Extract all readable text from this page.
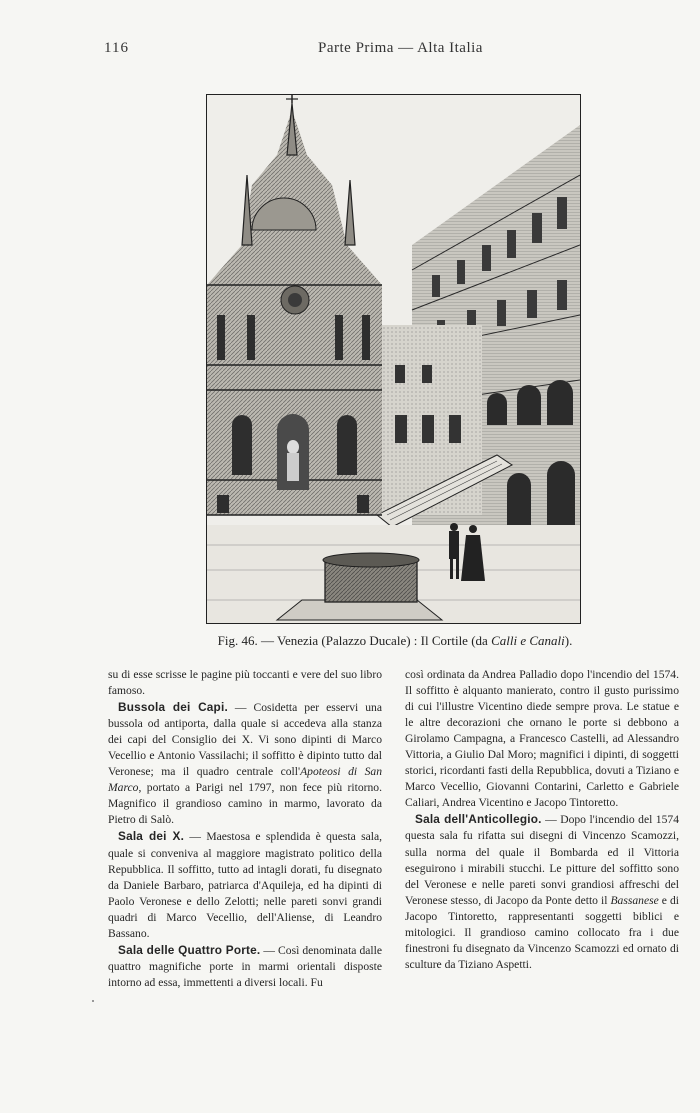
116	Parte Prima — Alta Italia
Fig. 46. — Venezia (Palazzo Ducale) : Il Cortile (da Calli e Canali).

su di esse scrisse le pagine più toccanti e vere del suo libro famoso.

Bussola dei Capi. — Cosidetta per esservi una bussola od antiporta, dalla quale si accedeva alla stanza dei capi del Consiglio dei X. Vi sono dipinti di Marco Vecellio e Antonio Vassilachi; il soffitto è dipinto tutto dal Veronese; ma il quadro centrale coll'Apoteosi di San Marco, portato a Parigi nel 1797, non fece più ritorno. Magnifico il grandioso camino in marmo, lavorato da Pietro di Salò.

Sala dei X. — Maestosa e splendida è questa sala, quale si conveniva al maggiore magistrato politico della Repubblica. Il soffitto, tutto ad intagli dorati, fu disegnato da Daniele Barbaro, patriarca d'Aquileja, ed ha dipinti di Paolo Veronese e dello Zelotti; nelle pareti sonvi grandi quadri di Marco Vecellio, dell'Aliense, di Leandro Bassano.

Sala delle Quattro Porte. — Così denominata dalle quattro magnifiche porte in marmi orientali disposte intorno ad essa, immettenti a diversi locali. Fu

così ordinata da Andrea Palladio dopo l'incendio del 1574. Il soffitto è alquanto manierato, contro il gusto purissimo di cui l'illustre Vicentino diede sempre prova. Le statue e le altre decorazioni che ornano le porte si debbono a Girolamo Campagna, a Francesco Castelli, ad Alessandro Vittoria, a Giulio Dal Moro; magnifici i dipinti, di soggetti storici, ricordanti fasti della Repubblica, dovuti a Tiziano e Marco Vecellio, Giovanni Contarini, Carletto e Gabriele Caliari, Andrea Vicentino e Jacopo Tintoretto.

Sala dell'Anticollegio. — Dopo l'incendio del 1574 questa sala fu rifatta sui disegni di Vincenzo Scamozzi, sulla norma del quale il Bombarda ed il Vittoria eseguirono i mirabili stucchi. Le pitture del soffitto sono del Veronese e nelle pareti sonvi grandiosi affreschi del Veronese stesso, di Jacopo da Ponte detto il Bassanese e di Jacopo Tintoretto, rappresentanti soggetti biblici e mitologici. Il grandioso camino collocato fra i due finestroni fu disegnato da Vincenzo Scamozzi ed ornato di sculture da Tiziano Aspetti.
